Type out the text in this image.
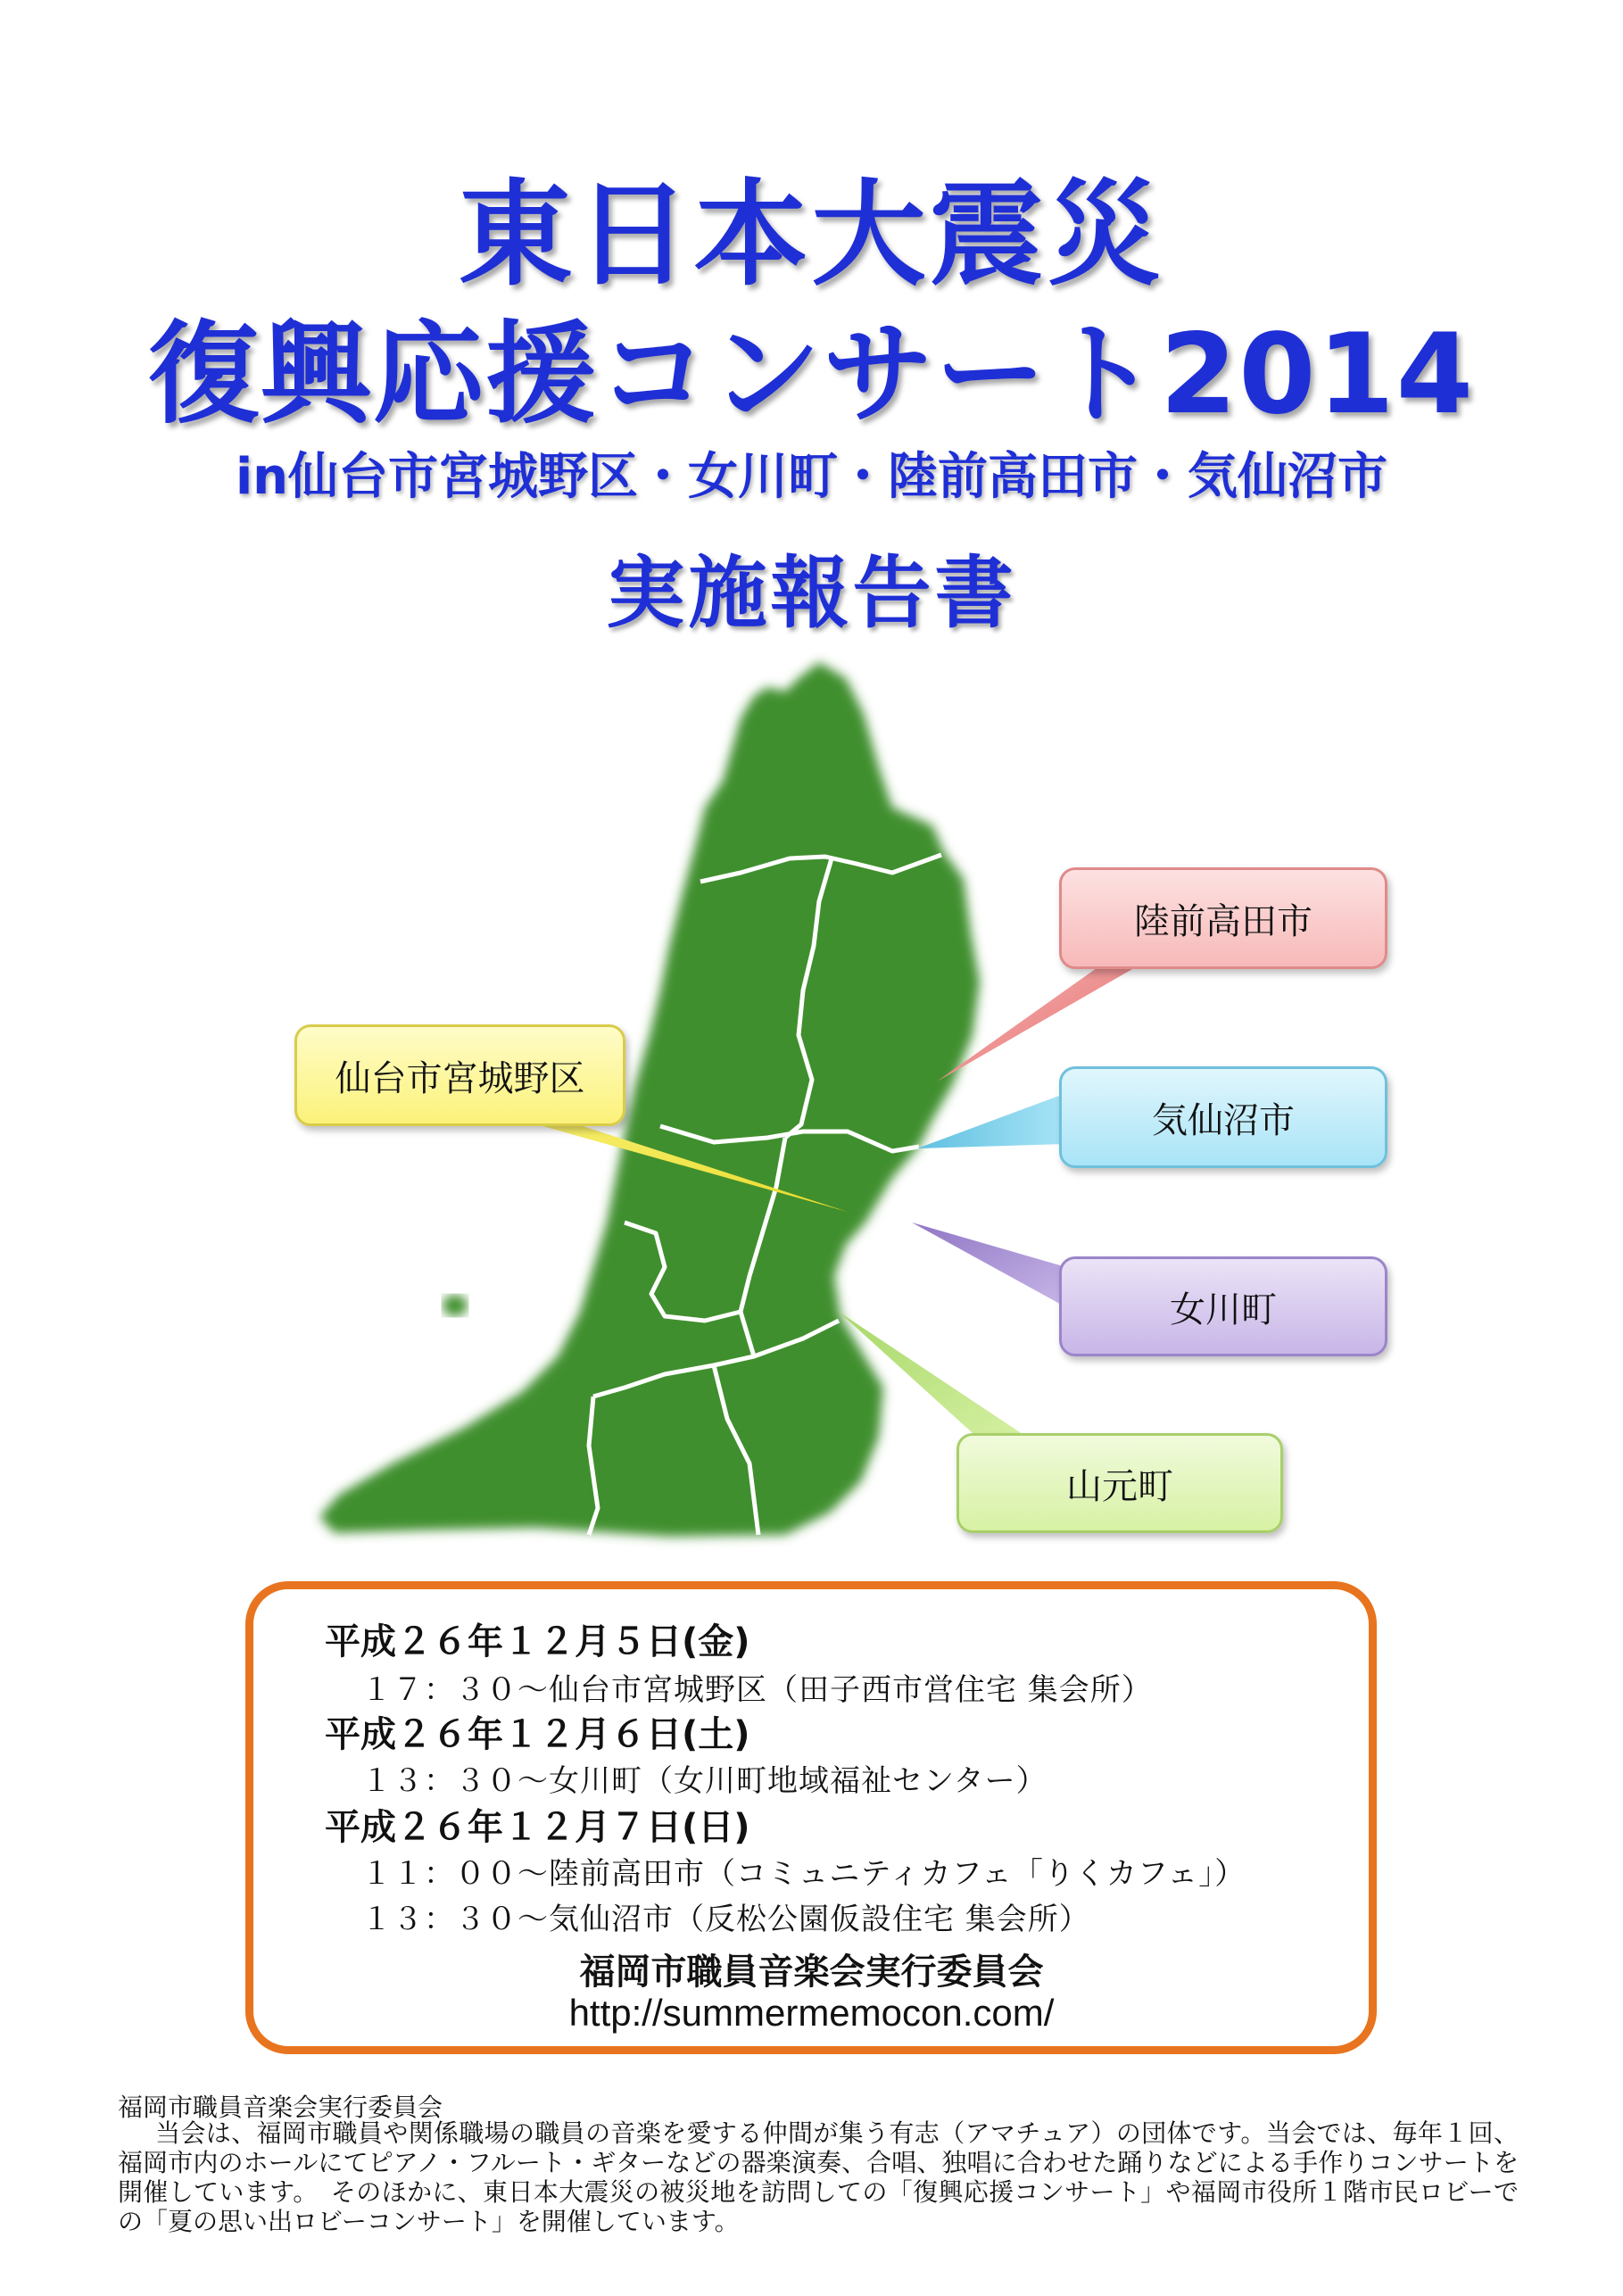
東日本大震災
復興応援コンサート2014
in仙台市宮城野区・女川町・陸前高田市・気仙沼市
実施報告書
陸前高田市
仙台市宮城野区
気仙沼市
女川町
山元町
平成２６年１２月５日(金)
１７：３０～仙台市宮城野区（田子西市営住宅 集会所）
平成２６年１２月６日(土)
１３：３０～女川町（女川町地域福祉センター）
平成２６年１２月７日(日)
１１：００～陸前高田市（コミュニティカフェ「りくカフェ」）
１３：３０～気仙沼市（反松公園仮設住宅 集会所）
福岡市職員音楽会実行委員会
http://summermemocon.com/
福岡市職員音楽会実行委員会
当会は、福岡市職員や関係職場の職員の音楽を愛する仲間が集う有志（アマチュア）の団体です。当会では、毎年１回、福岡市内のホールにてピアノ・フルート・ギターなどの器楽演奏、合唱、独唱に合わせた踊りなどによる手作りコンサートを開催しています。　そのほかに、東日本大震災の被災地を訪問しての「復興応援コンサート」や福岡市役所１階市民ロビーでの「夏の思い出ロビーコンサート」を開催しています。
